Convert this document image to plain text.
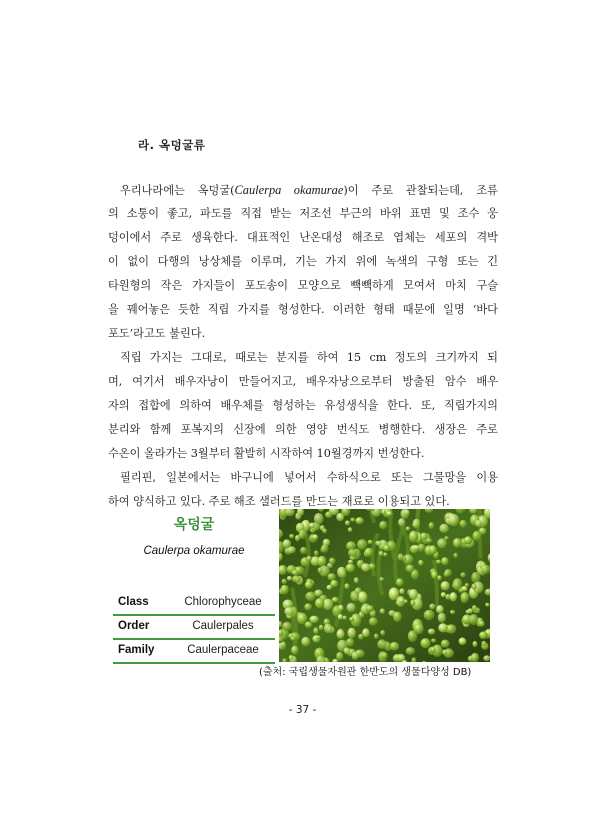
라. 옥덩굴류
우리나라에는 옥덩굴(Caulerpa okamurae)이 주로 관찰되는데, 조류
의 소통이 좋고, 파도를 직접 받는 저조선 부근의 바위 표면 및 조수 웅
덩이에서 주로 생육한다. 대표적인 난온대성 해조로 엽체는 세포의 격박
이 없이 다행의 낭상체를 이루며, 기는 가지 위에 녹색의 구형 또는 긴
타원형의 작은 가지들이 포도송이 모양으로 빽빽하게 모여서 마치 구슬
을 꿰어놓은 듯한 직립 가지를 형성한다. 이러한 형태 때문에 일명 ‘바다
포도’라고도 불린다.
직립 가지는 그대로, 때로는 분지를 하여 15 cm 정도의 크기까지 되
며, 여기서 배우자낭이 만들어지고, 배우자낭으로부터 방출된 암수 배우
자의 접합에 의하여 배우체를 형성하는 유성생식을 한다. 또, 직립가지의
분리와 함께 포복지의 신장에 의한 영양 번식도 병행한다. 생장은 주로
수온이 올라가는 3월부터 활발히 시작하여 10월경까지 번성한다.
필리핀, 일본에서는 바구니에 넣어서 수하식으로 또는 그물망을 이용
하여 양식하고 있다. 주로 해조 샐러드를 만드는 재료로 이용되고 있다.
옥덩굴
Caulerpa okamurae
Class	Chlorophyceae
Order	Caulerpales
Family	Caulerpaceae
(출처: 국립생물자원관 한반도의 생물다양성 DB)
- 37 -
